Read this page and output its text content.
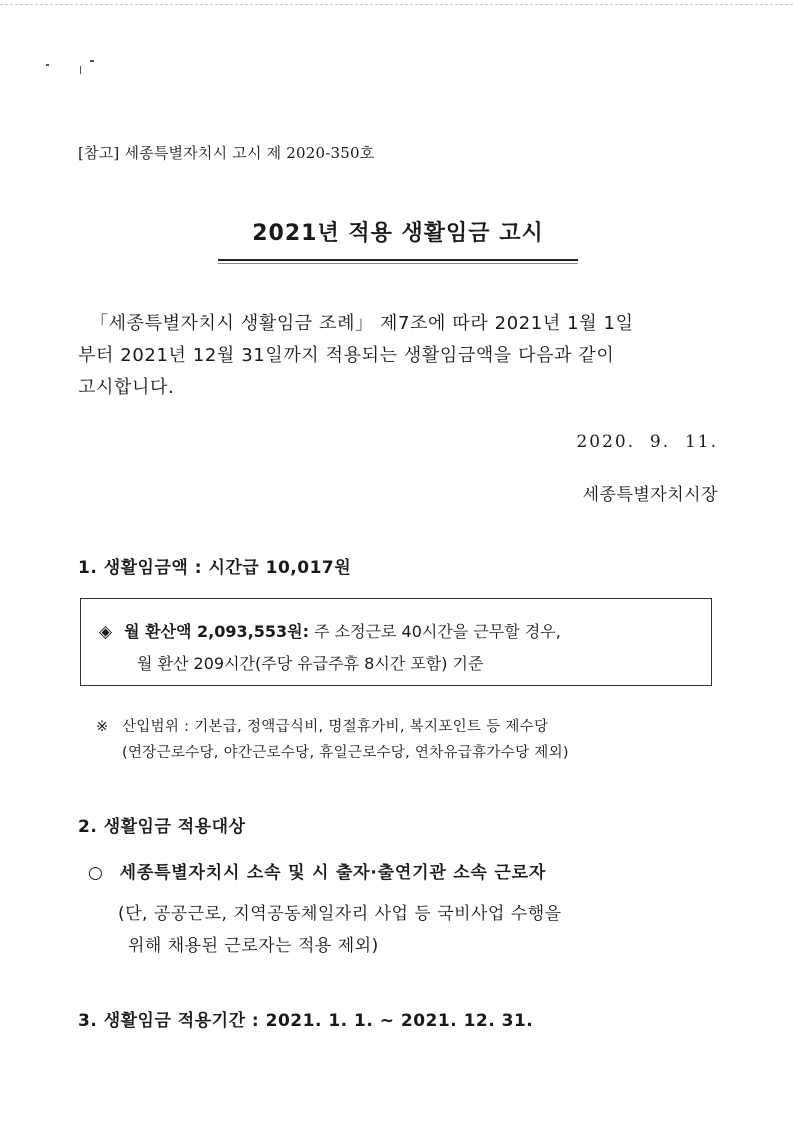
[참고] 세종특별자치시 고시 제 2020-350호
2021년 적용 생활임금 고시
「세종특별자치시 생활임금 조례」 제7조에 따라 2021년 1월 1일
부터 2021년 12월 31일까지 적용되는 생활임금액을 다음과 같이
고시합니다.
2020.  9.  11.
세종특별자치시장
1. 생활임금액 : 시간급 10,017원
◈ 월 환산액 2,093,553원: 주 소정근로 40시간을 근무할 경우,
월 환산 209시간(주당 유급주휴 8시간 포함) 기준
※ 산입범위 : 기본급, 정액급식비, 명절휴가비, 복지포인트 등 제수당
(연장근로수당, 야간근로수당, 휴일근로수당, 연차유급휴가수당 제외)
2. 생활임금 적용대상
○ 세종특별자치시 소속 및 시 출자·출연기관 소속 근로자
(단, 공공근로, 지역공동체일자리 사업 등 국비사업 수행을
위해 채용된 근로자는 적용 제외)
3. 생활임금 적용기간 : 2021. 1. 1. ∼ 2021. 12. 31.
